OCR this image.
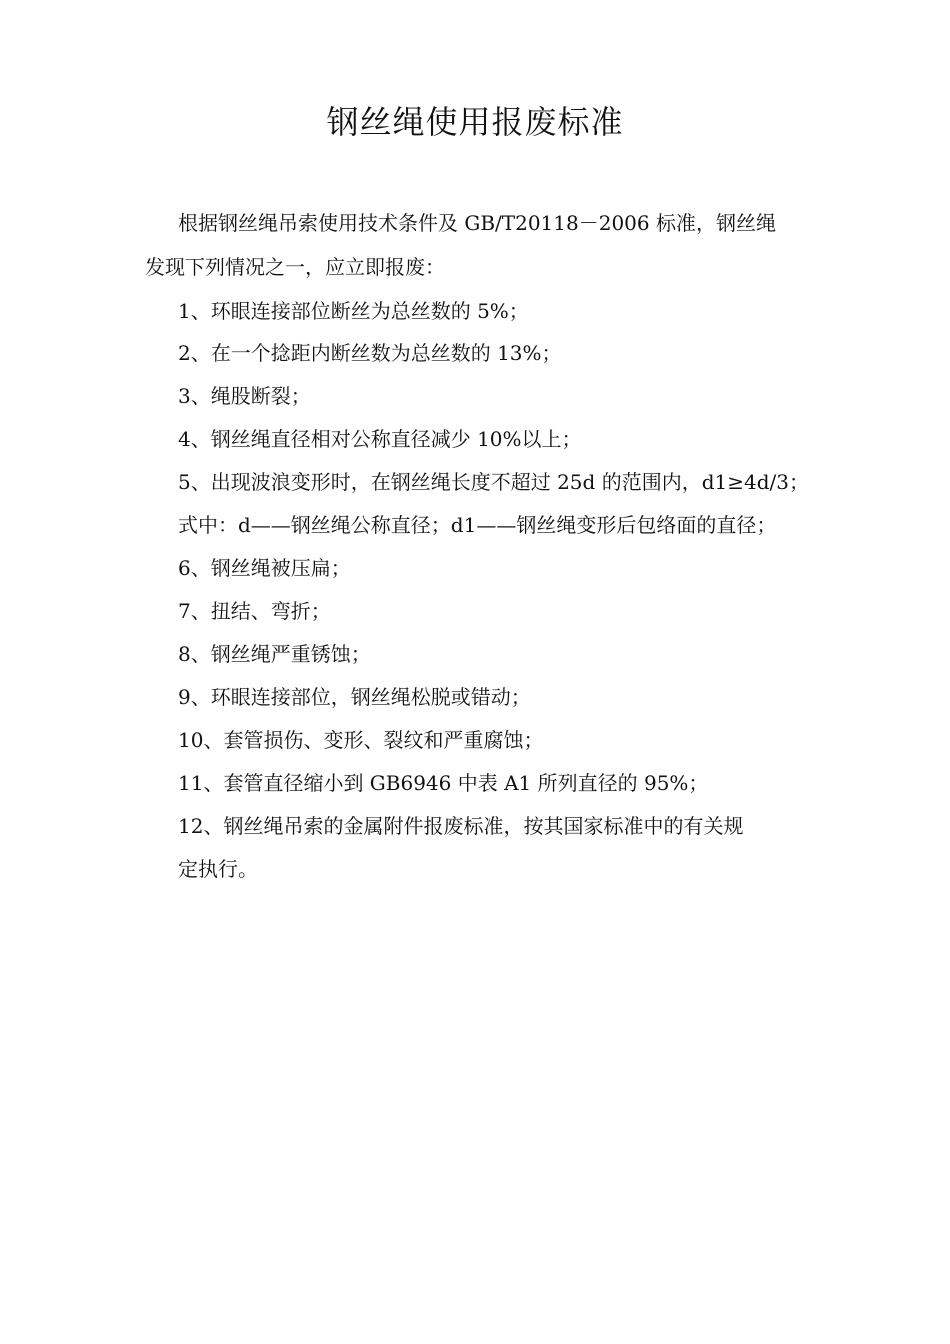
钢丝绳使用报废标准
根据钢丝绳吊索使用技术条件及 GB/T20118－2006 标准，钢丝绳
发现下列情况之一，应立即报废：
1、环眼连接部位断丝为总丝数的 5%；
2、在一个捻距内断丝数为总丝数的 13%；
3、绳股断裂；
4、钢丝绳直径相对公称直径减少 10%以上；
5、出现波浪变形时，在钢丝绳长度不超过 25d 的范围内，d1≥4d/3；
式中：d——钢丝绳公称直径；d1——钢丝绳变形后包络面的直径；
6、钢丝绳被压扁；
7、扭结、弯折；
8、钢丝绳严重锈蚀；
9、环眼连接部位，钢丝绳松脱或错动；
10、套管损伤、变形、裂纹和严重腐蚀；
11、套管直径缩小到 GB6946 中表 A1 所列直径的 95%；
12、钢丝绳吊索的金属附件报废标准，按其国家标准中的有关规
定执行。
